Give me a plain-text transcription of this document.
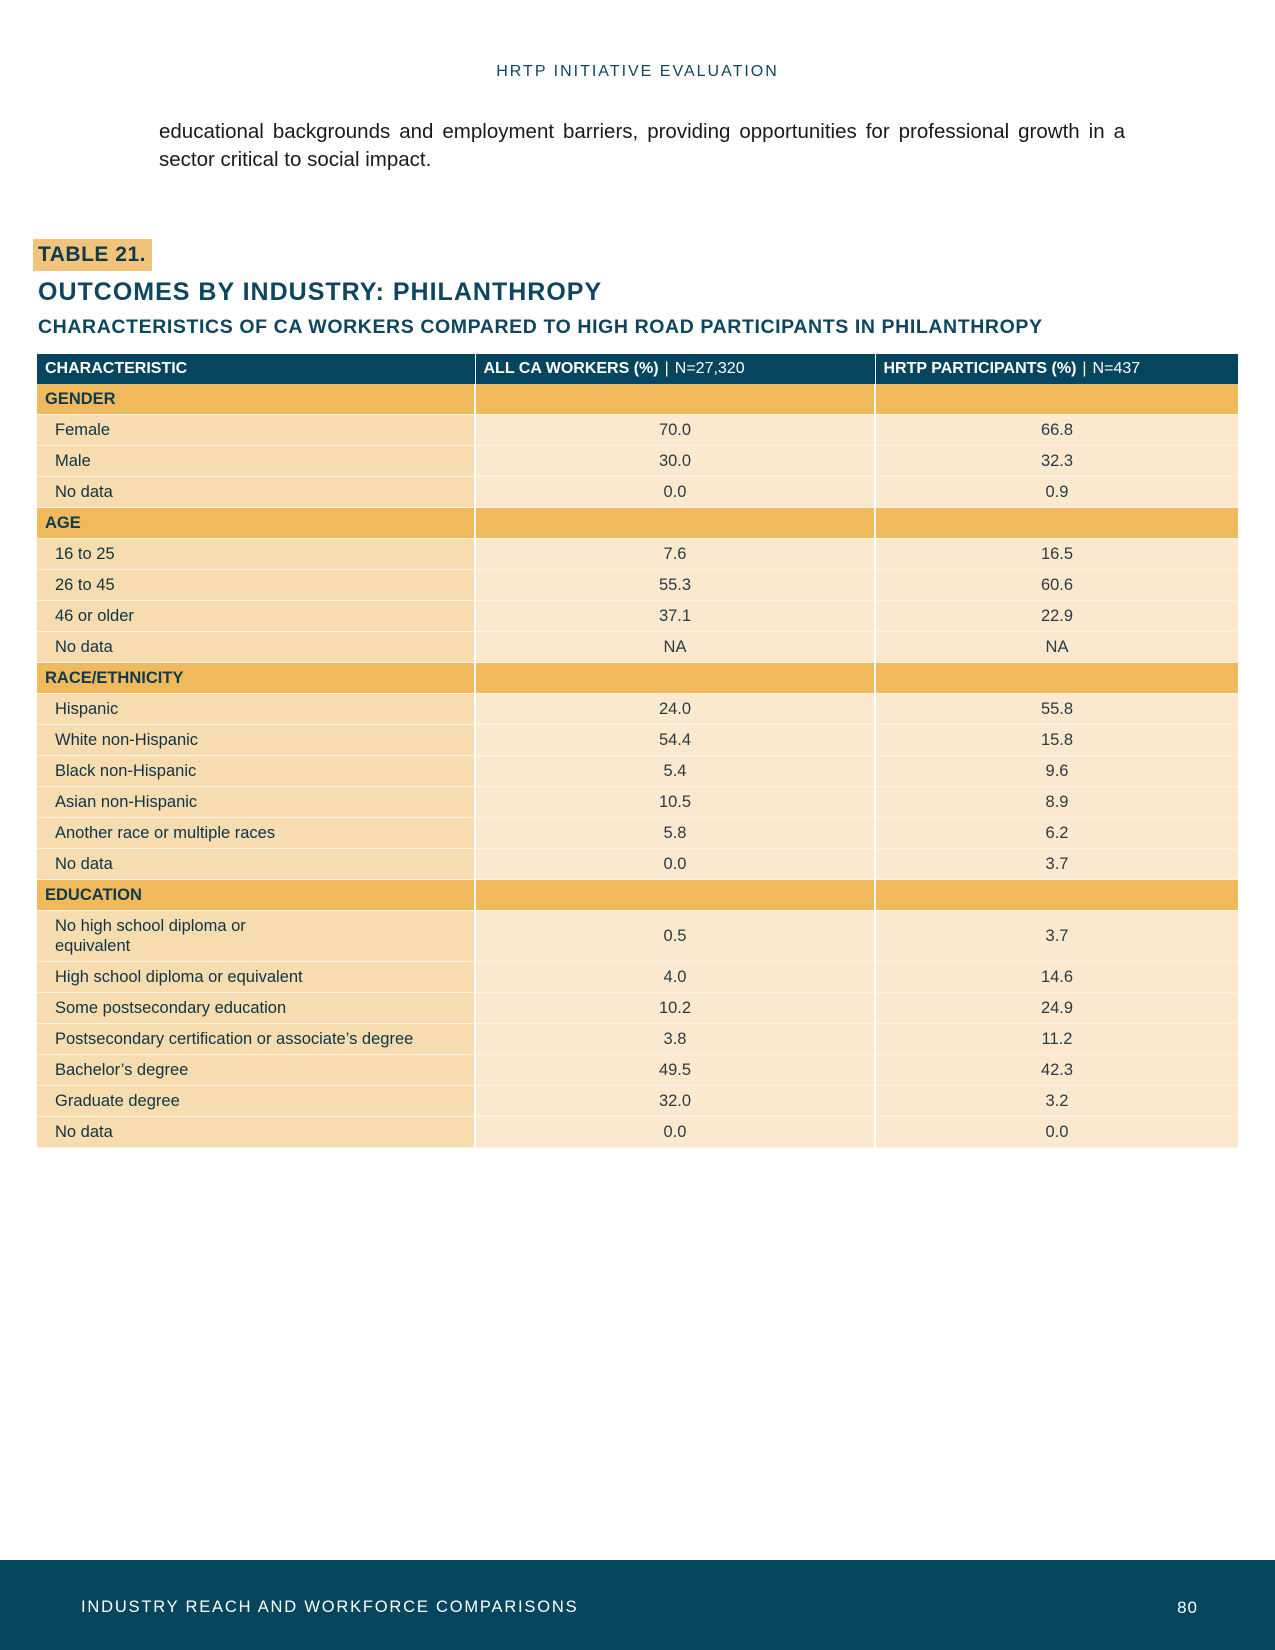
HRTP INITIATIVE EVALUATION

educational backgrounds and employment barriers, providing opportunities for professional growth in a sector critical to social impact.

TABLE 21.
OUTCOMES BY INDUSTRY: PHILANTHROPY
CHARACTERISTICS OF CA WORKERS COMPARED TO HIGH ROAD PARTICIPANTS IN PHILANTHROPY
CHARACTERISTIC	ALL CA WORKERS (%) | N=27,320	HRTP PARTICIPANTS (%) | N=437
GENDER		
Female	70.0	66.8
Male	30.0	32.3
No data	0.0	0.9
AGE		
16 to 25	7.6	16.5
26 to 45	55.3	60.6
46 or older	37.1	22.9
No data	NA	NA
RACE/ETHNICITY		
Hispanic	24.0	55.8
White non-Hispanic	54.4	15.8
Black non-Hispanic	5.4	9.6
Asian non-Hispanic	10.5	8.9
Another race or multiple races	5.8	6.2
No data	0.0	3.7
EDUCATION		
No high school diploma or equivalent	0.5	3.7
High school diploma or equivalent	4.0	14.6
Some postsecondary education	10.2	24.9
Postsecondary certification or associate’s degree	3.8	11.2
Bachelor’s degree	49.5	42.3
Graduate degree	32.0	3.2
No data	0.0	0.0
INDUSTRY REACH AND WORKFORCE COMPARISONS	80
